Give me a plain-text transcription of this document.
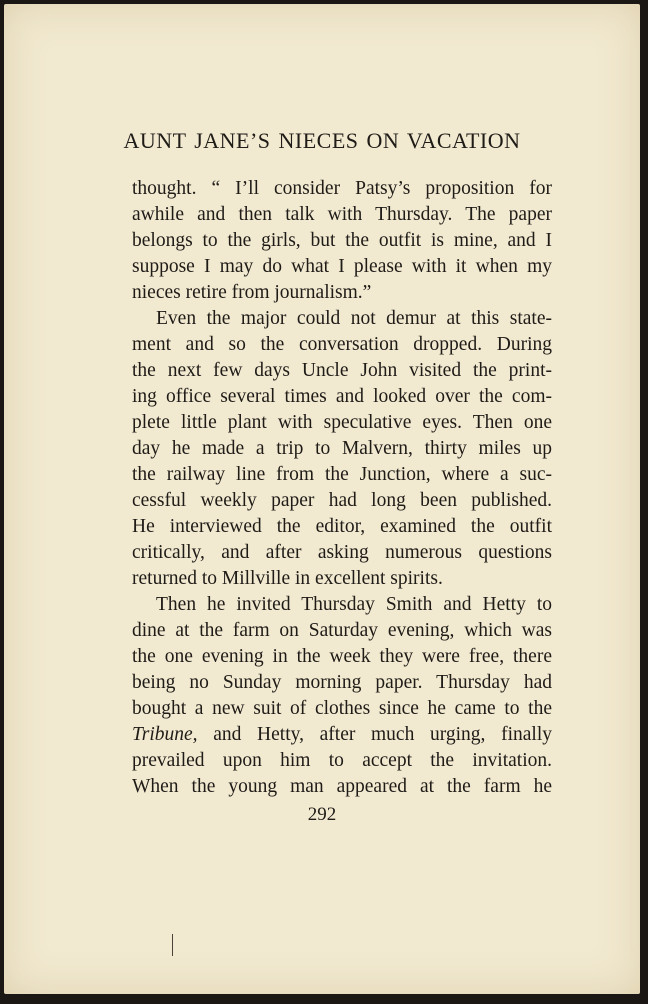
AUNT JANE’S NIECES ON VACATION
thought. “ I’ll consider Patsy’s proposition for
awhile and then talk with Thursday. The paper
belongs to the girls, but the outfit is mine, and I
suppose I may do what I please with it when my
nieces retire from journalism.”
Even the major could not demur at this state-
ment and so the conversation dropped. During
the next few days Uncle John visited the print-
ing office several times and looked over the com-
plete little plant with speculative eyes. Then one
day he made a trip to Malvern, thirty miles up
the railway line from the Junction, where a suc-
cessful weekly paper had long been published.
He interviewed the editor, examined the outfit
critically, and after asking numerous questions
returned to Millville in excellent spirits.
Then he invited Thursday Smith and Hetty to
dine at the farm on Saturday evening, which was
the one evening in the week they were free, there
being no Sunday morning paper. Thursday had
bought a new suit of clothes since he came to the
Tribune, and Hetty, after much urging, finally
prevailed upon him to accept the invitation.
When the young man appeared at the farm he
292
